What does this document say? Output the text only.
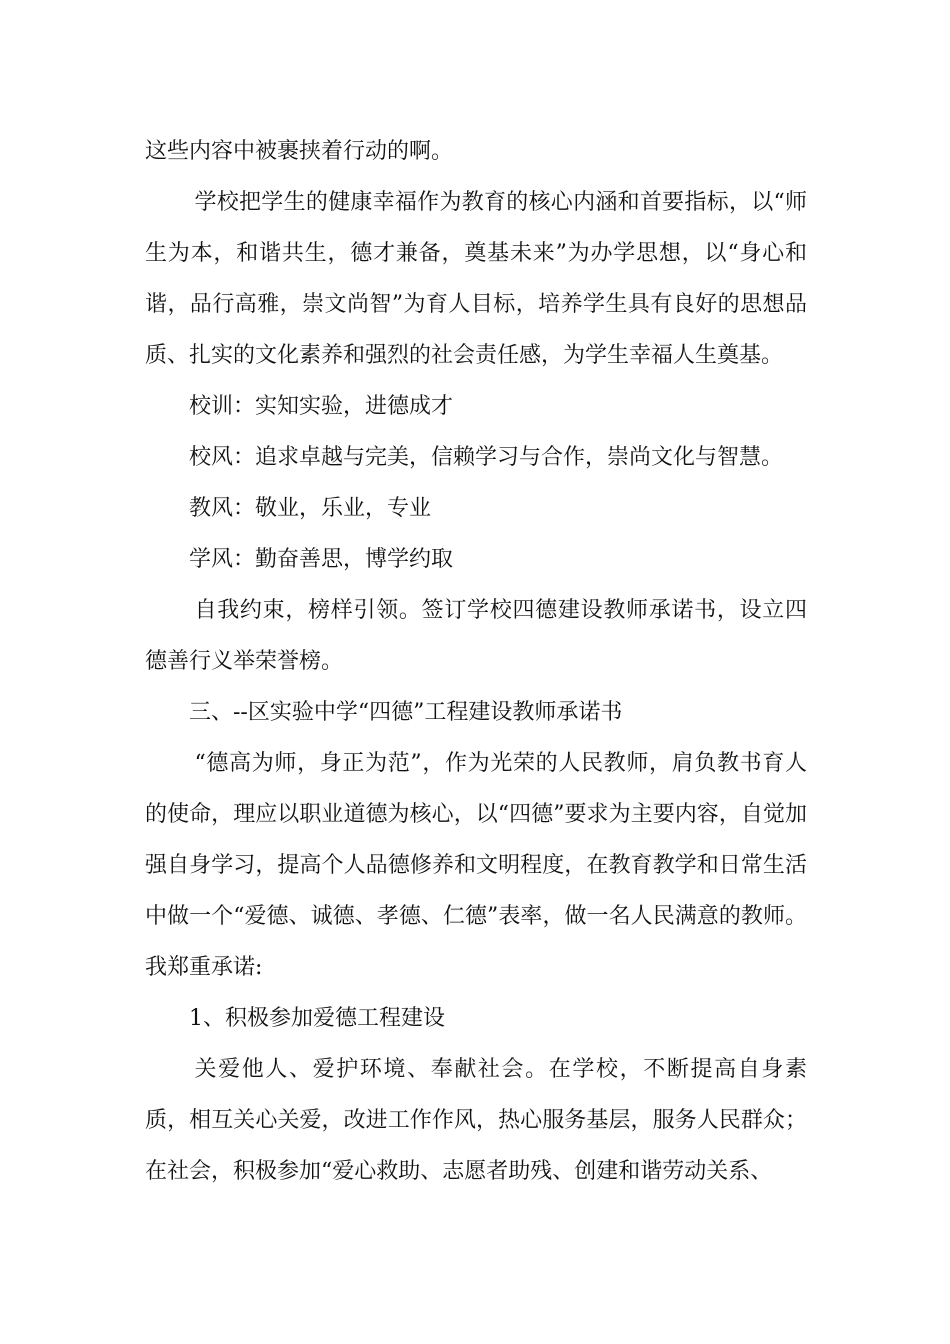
这些内容中被裹挟着行动的啊。

学校把学生的健康幸福作为教育的核心内涵和首要指标，以“师生为本，和谐共生，德才兼备，奠基未来”为办学思想，以“身心和谐，品行高雅，崇文尚智”为育人目标，培养学生具有良好的思想品质、扎实的文化素养和强烈的社会责任感，为学生幸福人生奠基。

校训：实知实验，进德成才

校风：追求卓越与完美，信赖学习与合作，崇尚文化与智慧。

教风：敬业，乐业，专业

学风：勤奋善思，博学约取

自我约束，榜样引领。签订学校四德建设教师承诺书，设立四德善行义举荣誉榜。

三、--区实验中学“四德”工程建设教师承诺书

“德高为师，身正为范”，作为光荣的人民教师，肩负教书育人的使命，理应以职业道德为核心，以“四德”要求为主要内容，自觉加强自身学习，提高个人品德修养和文明程度，在教育教学和日常生活中做一个“爱德、诚德、孝德、仁德”表率，做一名人民满意的教师。我郑重承诺:

1、积极参加爱德工程建设

关爱他人、爱护环境、奉献社会。在学校，不断提高自身素质，相互关心关爱，改进工作作风，热心服务基层，服务人民群众；在社会，积极参加“爱心救助、志愿者助残、创建和谐劳动关系、
